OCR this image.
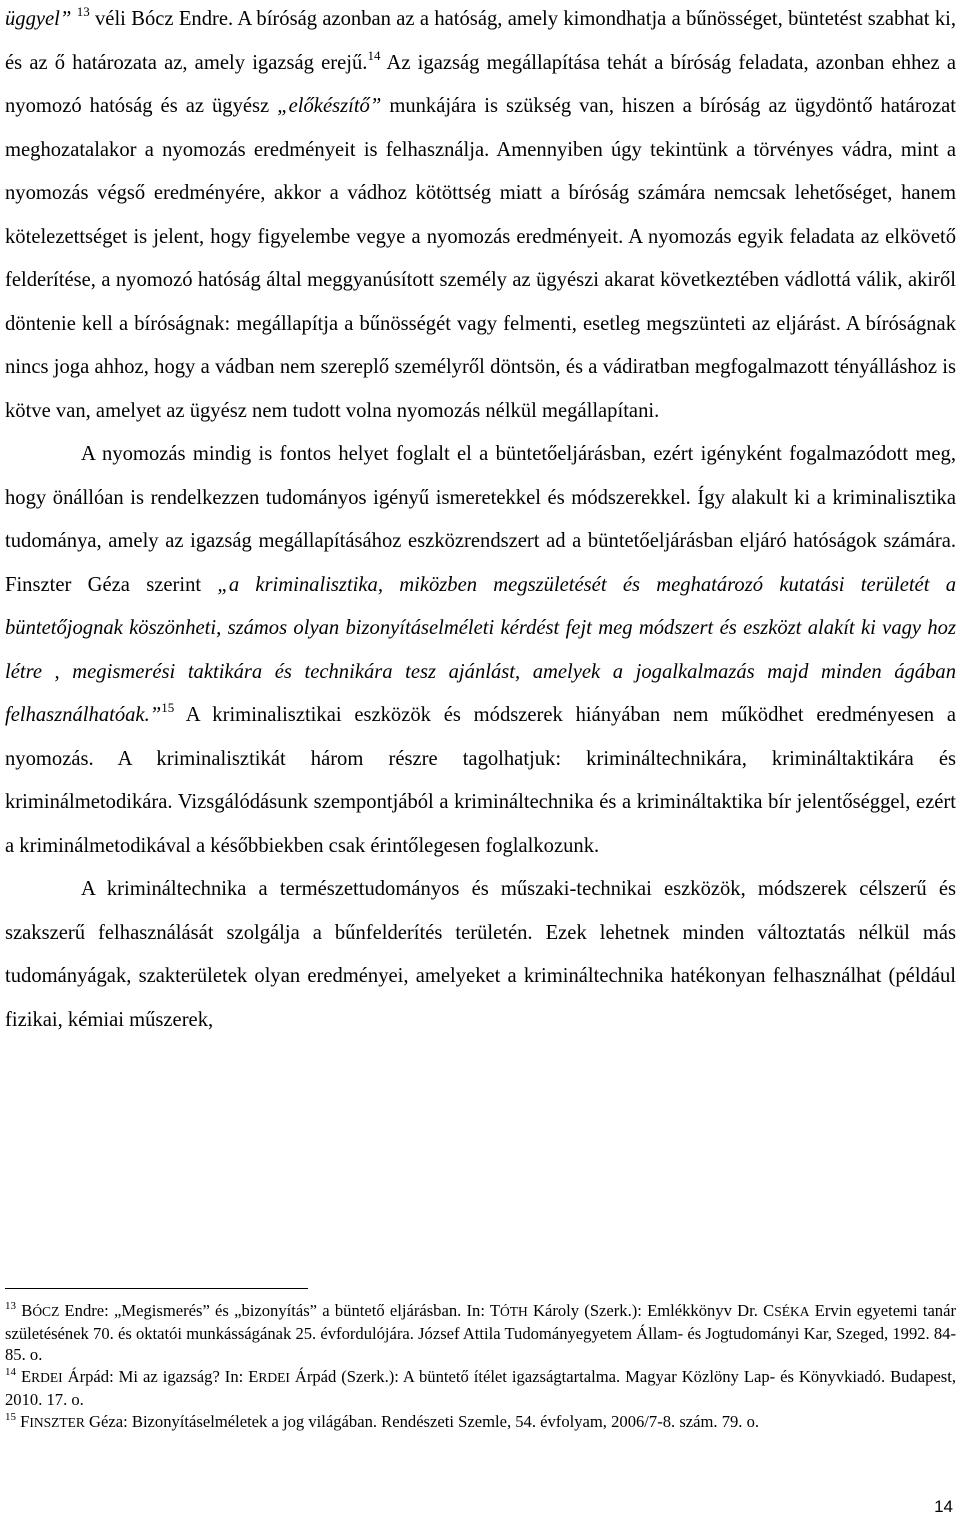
üggyel” $^{13}$ véli Bócz Endre. A bíróság azonban az a hatóság, amely kimondhatja a bűnösséget, büntetést szabhat ki, és az ő határozata az, amely igazság erejű.$^{14}$ Az igazság megállapítása tehát a bíróság feladata, azonban ehhez a nyomozó hatóság és az ügyész „előkészítő” munkájára is szükség van, hiszen a bíróság az ügydöntő határozat meghozatalakor a nyomozás eredményeit is felhasználja. Amennyiben úgy tekintünk a törvényes vádra, mint a nyomozás végső eredményére, akkor a vádhoz kötöttség miatt a bíróság számára nemcsak lehetőséget, hanem kötelezettséget is jelent, hogy figyelembe vegye a nyomozás eredményeit. A nyomozás egyik feladata az elkövető felderítése, a nyomozó hatóság által meggyanúsított személy az ügyészi akarat következtében vádlottá válik, akiről döntenie kell a bíróságnak: megállapítja a bűnösségét vagy felmenti, esetleg megszünteti az eljárást. A bíróságnak nincs joga ahhoz, hogy a vádban nem szereplő személyről döntsön, és a vádiratban megfogalmazott tényálláshoz is kötve van, amelyet az ügyész nem tudott volna nyomozás nélkül megállapítani.

A nyomozás mindig is fontos helyet foglalt el a büntetőeljárásban, ezért igényként fogalmazódott meg, hogy önállóan is rendelkezzen tudományos igényű ismeretekkel és módszerekkel. Így alakult ki a kriminalisztika tudománya, amely az igazság megállapításához eszközrendszert ad a büntetőeljárásban eljáró hatóságok számára. Finszter Géza szerint „a kriminalisztika, miközben megszületését és meghatározó kutatási területét a büntetőjognak köszönheti, számos olyan bizonyításelméleti kérdést fejt meg módszert és eszközt alakít ki vagy hoz létre , megismerési taktikára és technikára tesz ajánlást, amelyek a jogalkalmazás majd minden ágában felhasználhatóak.”$^{15}$ A kriminalisztikai eszközök és módszerek hiányában nem működhet eredményesen a nyomozás. A kriminalisztikát három részre tagolhatjuk: krimináltechnikára, krimináltaktikára és kriminálmetodikára. Vizsgálódásunk szempontjából a krimináltechnika és a krimináltaktika bír jelentőséggel, ezért a kriminálmetodikával a későbbiekben csak érintőlegesen foglalkozunk.

A krimináltechnika a természettudományos és műszaki-technikai eszközök, módszerek célszerű és szakszerű felhasználását szolgálja a bűnfelderítés területén. Ezek lehetnek minden változtatás nélkül más tudományágak, szakterületek olyan eredményei, amelyeket a krimináltechnika hatékonyan felhasználhat (például fizikai, kémiai műszerek,

$^{13}$ BÓCZ Endre: „Megismerés” és „bizonyítás” a büntető eljárásban. In: TÓTH Károly (Szerk.): Emlékkönyv Dr. CSÉKA Ervin egyetemi tanár születésének 70. és oktatói munkásságának 25. évfordulójára. József Attila Tudományegyetem Állam- és Jogtudományi Kar, Szeged, 1992. 84-85. o.

$^{14}$ ERDEI Árpád: Mi az igazság? In: ERDEI Árpád (Szerk.): A büntető ítélet igazságtartalma. Magyar Közlöny Lap- és Könyvkiadó. Budapest, 2010. 17. o.

$^{15}$ FINSZTER Géza: Bizonyításelméletek a jog világában. Rendészeti Szemle, 54. évfolyam, 2006/7-8. szám. 79. o.

14
